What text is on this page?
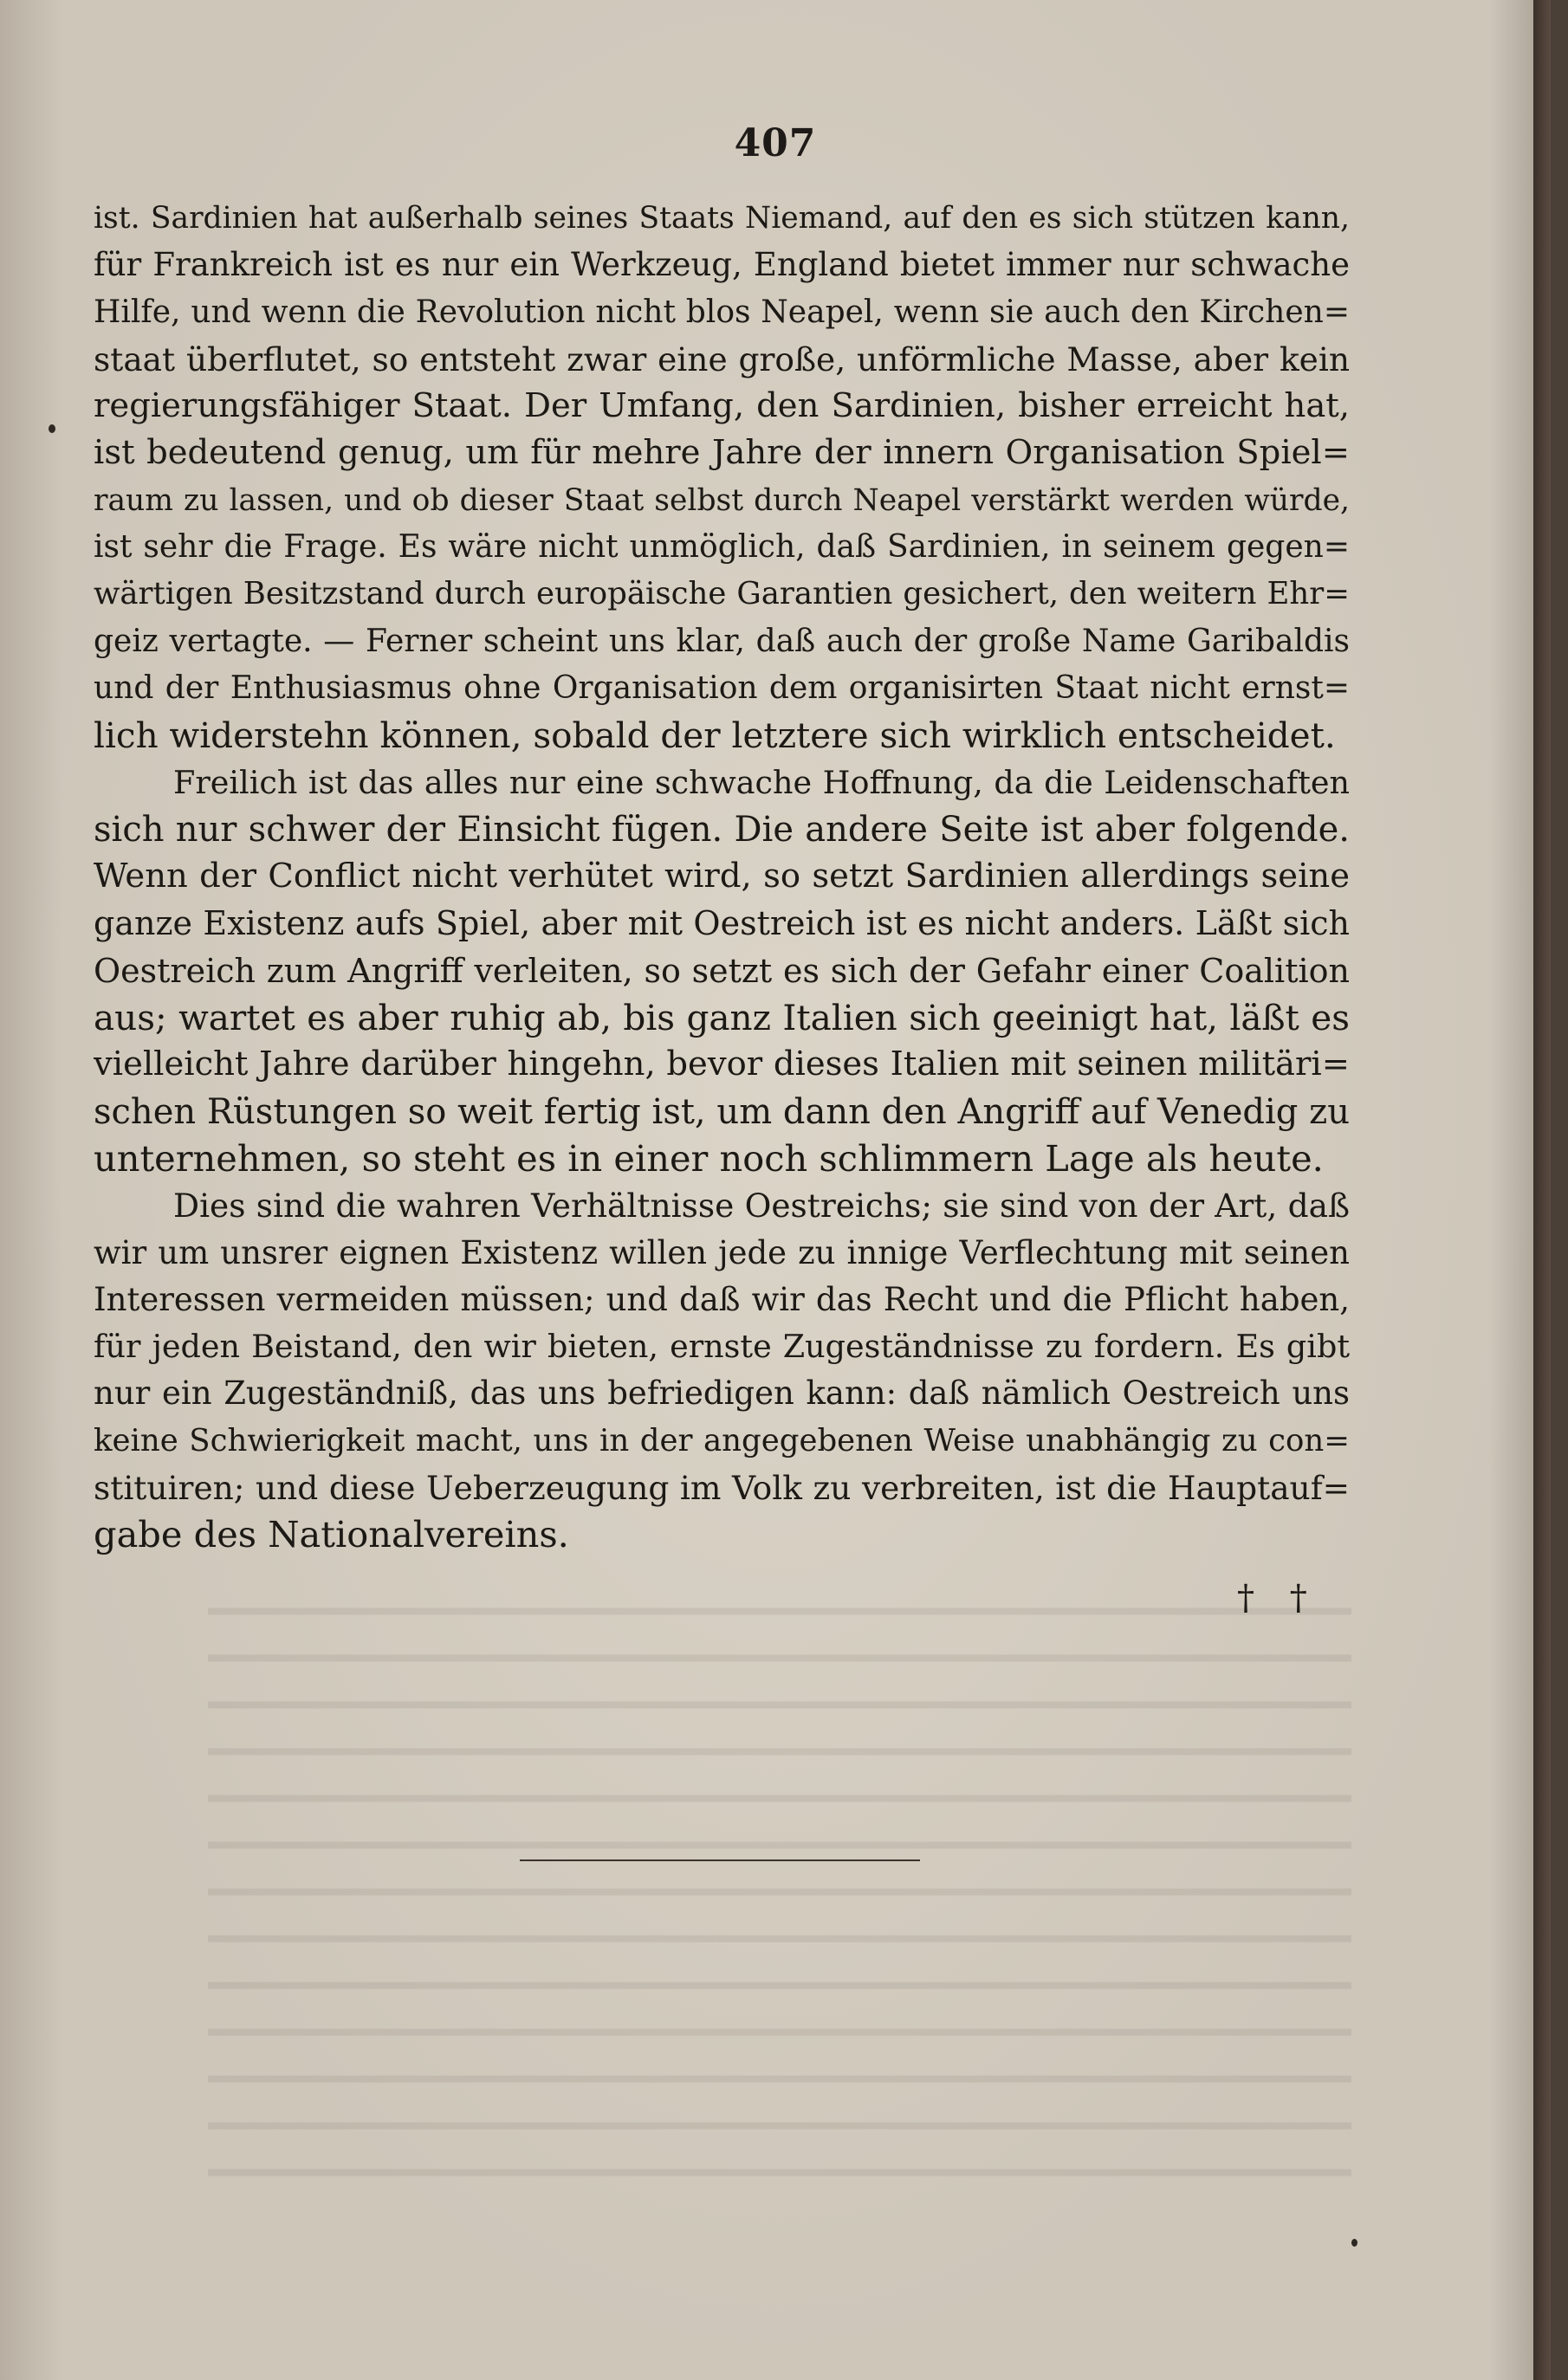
407
ist. Sardinien hat außerhalb seines Staats Niemand, auf den es sich stützen kann,
für Frankreich ist es nur ein Werkzeug, England bietet immer nur schwache
Hilfe, und wenn die Revolution nicht blos Neapel, wenn sie auch den Kirchen=
staat überflutet, so entsteht zwar eine große, unförmliche Masse, aber kein
regierungsfähiger Staat. Der Umfang, den Sardinien, bisher erreicht hat,
ist bedeutend genug, um für mehre Jahre der innern Organisation Spiel=
raum zu lassen, und ob dieser Staat selbst durch Neapel verstärkt werden würde,
ist sehr die Frage. Es wäre nicht unmöglich, daß Sardinien, in seinem gegen=
wärtigen Besitzstand durch europäische Garantien gesichert, den weitern Ehr=
geiz vertagte. — Ferner scheint uns klar, daß auch der große Name Garibaldis
und der Enthusiasmus ohne Organisation dem organisirten Staat nicht ernst=
lich widerstehn können, sobald der letztere sich wirklich entscheidet.
Freilich ist das alles nur eine schwache Hoffnung, da die Leidenschaften
sich nur schwer der Einsicht fügen. Die andere Seite ist aber folgende.
Wenn der Conflict nicht verhütet wird, so setzt Sardinien allerdings seine
ganze Existenz aufs Spiel, aber mit Oestreich ist es nicht anders. Läßt sich
Oestreich zum Angriff verleiten, so setzt es sich der Gefahr einer Coalition
aus; wartet es aber ruhig ab, bis ganz Italien sich geeinigt hat, läßt es
vielleicht Jahre darüber hingehn, bevor dieses Italien mit seinen militäri=
schen Rüstungen so weit fertig ist, um dann den Angriff auf Venedig zu
unternehmen, so steht es in einer noch schlimmern Lage als heute.
Dies sind die wahren Verhältnisse Oestreichs; sie sind von der Art, daß
wir um unsrer eignen Existenz willen jede zu innige Verflechtung mit seinen
Interessen vermeiden müssen; und daß wir das Recht und die Pflicht haben,
für jeden Beistand, den wir bieten, ernste Zugeständnisse zu fordern. Es gibt
nur ein Zugeständniß, das uns befriedigen kann: daß nämlich Oestreich uns
keine Schwierigkeit macht, uns in der angegebenen Weise unabhängig zu con=
stituiren; und diese Ueberzeugung im Volk zu verbreiten, ist die Hauptauf=
gabe des Nationalvereins.
† †
